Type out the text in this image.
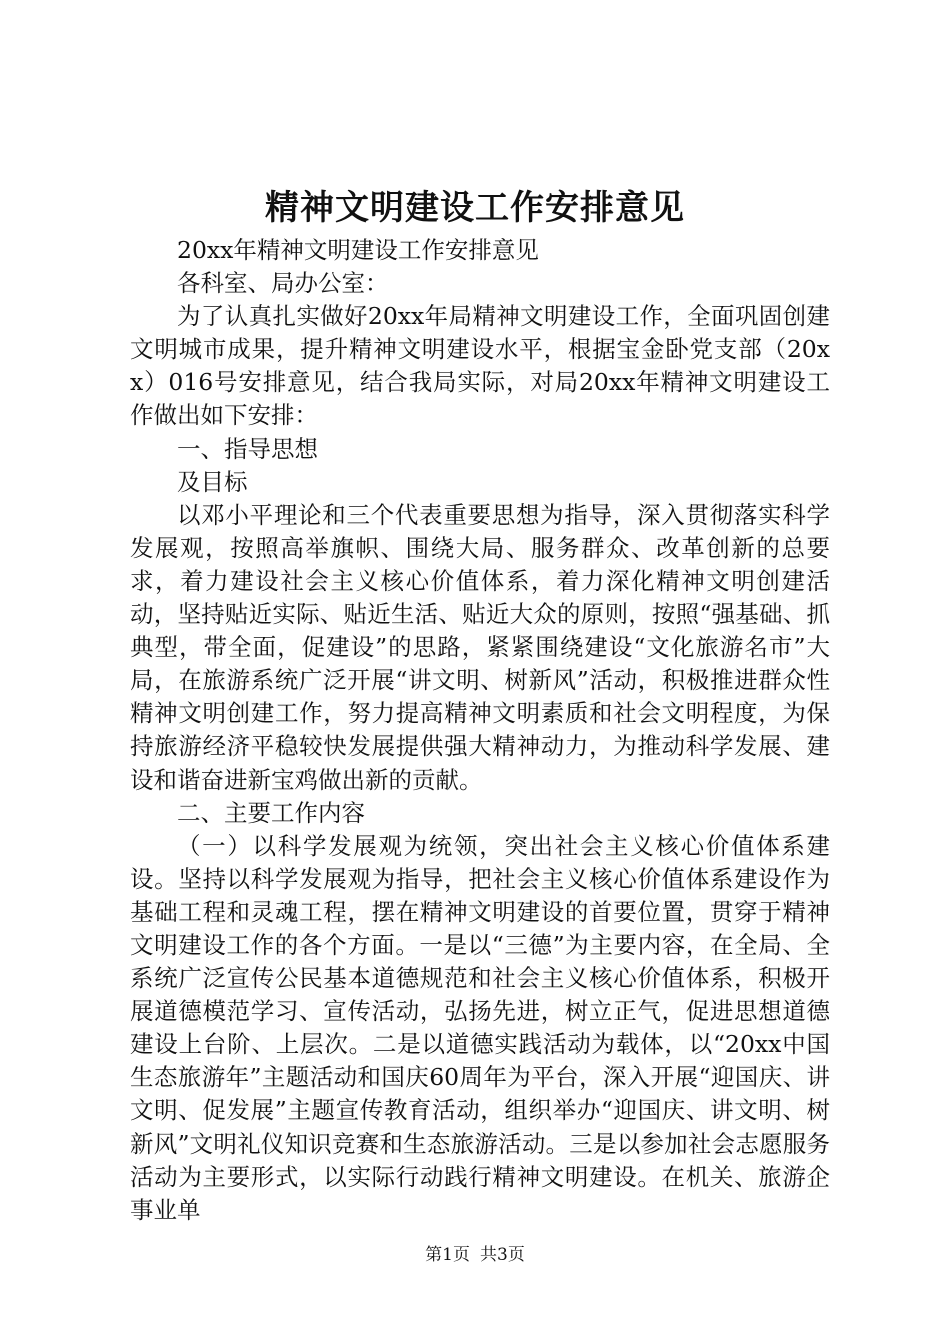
精神文明建设工作安排意见

20xx年精神文明建设工作安排意见

各科室、局办公室：

为了认真扎实做好20xx年局精神文明建设工作，全面巩固创建文明城市成果，提升精神文明建设水平，根据宝金卧党支部（20xx）016号安排意见，结合我局实际，对局20xx年精神文明建设工作做出如下安排：

一、指导思想

及目标

以邓小平理论和三个代表重要思想为指导，深入贯彻落实科学发展观，按照高举旗帜、围绕大局、服务群众、改革创新的总要求，着力建设社会主义核心价值体系，着力深化精神文明创建活动，坚持贴近实际、贴近生活、贴近大众的原则，按照“强基础、抓典型，带全面，促建设”的思路，紧紧围绕建设“文化旅游名市”大局，在旅游系统广泛开展“讲文明、树新风”活动，积极推进群众性精神文明创建工作，努力提高精神文明素质和社会文明程度，为保持旅游经济平稳较快发展提供强大精神动力，为推动科学发展、建设和谐奋进新宝鸡做出新的贡献。

二、主要工作内容

（一）以科学发展观为统领，突出社会主义核心价值体系建设。坚持以科学发展观为指导，把社会主义核心价值体系建设作为基础工程和灵魂工程，摆在精神文明建设的首要位置，贯穿于精神文明建设工作的各个方面。一是以“三德”为主要内容，在全局、全系统广泛宣传公民基本道德规范和社会主义核心价值体系，积极开展道德模范学习、宣传活动，弘扬先进，树立正气，促进思想道德建设上台阶、上层次。二是以道德实践活动为载体，以“20xx中国生态旅游年”主题活动和国庆60周年为平台，深入开展“迎国庆、讲文明、促发展”主题宣传教育活动，组织举办“迎国庆、讲文明、树新风”文明礼仪知识竞赛和生态旅游活动。三是以参加社会志愿服务活动为主要形式，以实际行动践行精神文明建设。在机关、旅游企事业单

第1页 共3页
